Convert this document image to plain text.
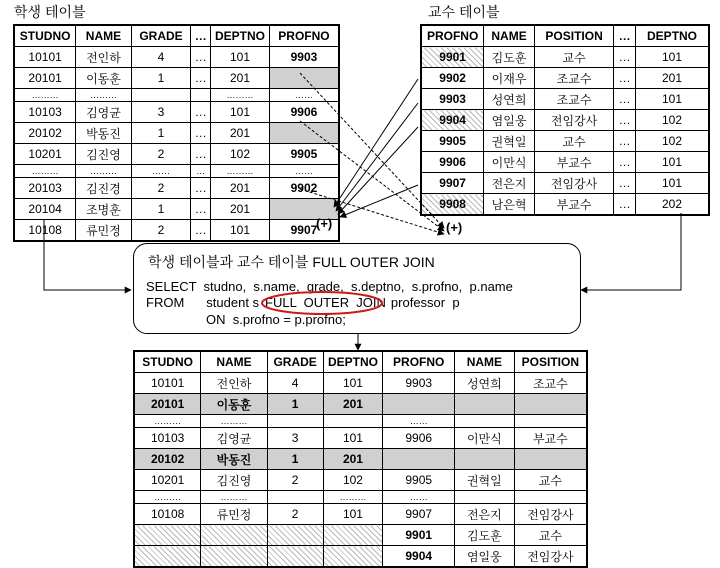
학생 테이블	교수 테이블
STUDNO	NAME	GRADE	…	DEPTNO	PROFNO
10101	전인하	4	…	101	9903
20101	이동훈	1	…	201	
………	………			………	……
10103	김영균	3	…	101	9906
20102	박동진	1	…	201	
10201	김진영	2	…	102	9905
………	………	……	…	………	……
20103	김진경	2	…	201	9902
20104	조명훈	1	…	201	
10108	류민정	2	…	101	9907
PROFNO	NAME	POSITION	…	DEPTNO
9901	김도훈	교수	…	101
9902	이재우	조교수	…	201
9903	성연희	조교수	…	101
9904	염일웅	전임강사	…	102
9905	권혁일	교수	…	102
9906	이만식	부교수	…	101
9907	전은지	전임강사	…	101
9908	남은혁	부교수	…	202
학생 테이블과 교수 테이블 FULL OUTER JOIN
SELECT  studno,  s.name,  grade,  s.deptno,  s.profno,  p.name
FROM student s FULL  OUTER  JOIN professor  p
ON  s.profno = p.profno;
STUDNO	NAME	GRADE	DEPTNO	PROFNO	NAME	POSITION
10101	전인하	4	101	9903	성연희	조교수
20101	이동훈	1	201			
………	………			……		
10103	김영균	3	101	9906	이만식	부교수
20102	박동진	1	201			
10201	김진영	2	102	9905	권혁일	교수
………	………		………	……		
10108	류민정	2	101	9907	전은지	전임강사
				9901	김도훈	교수
				9904	염일웅	전임강사
(+)	(+)
